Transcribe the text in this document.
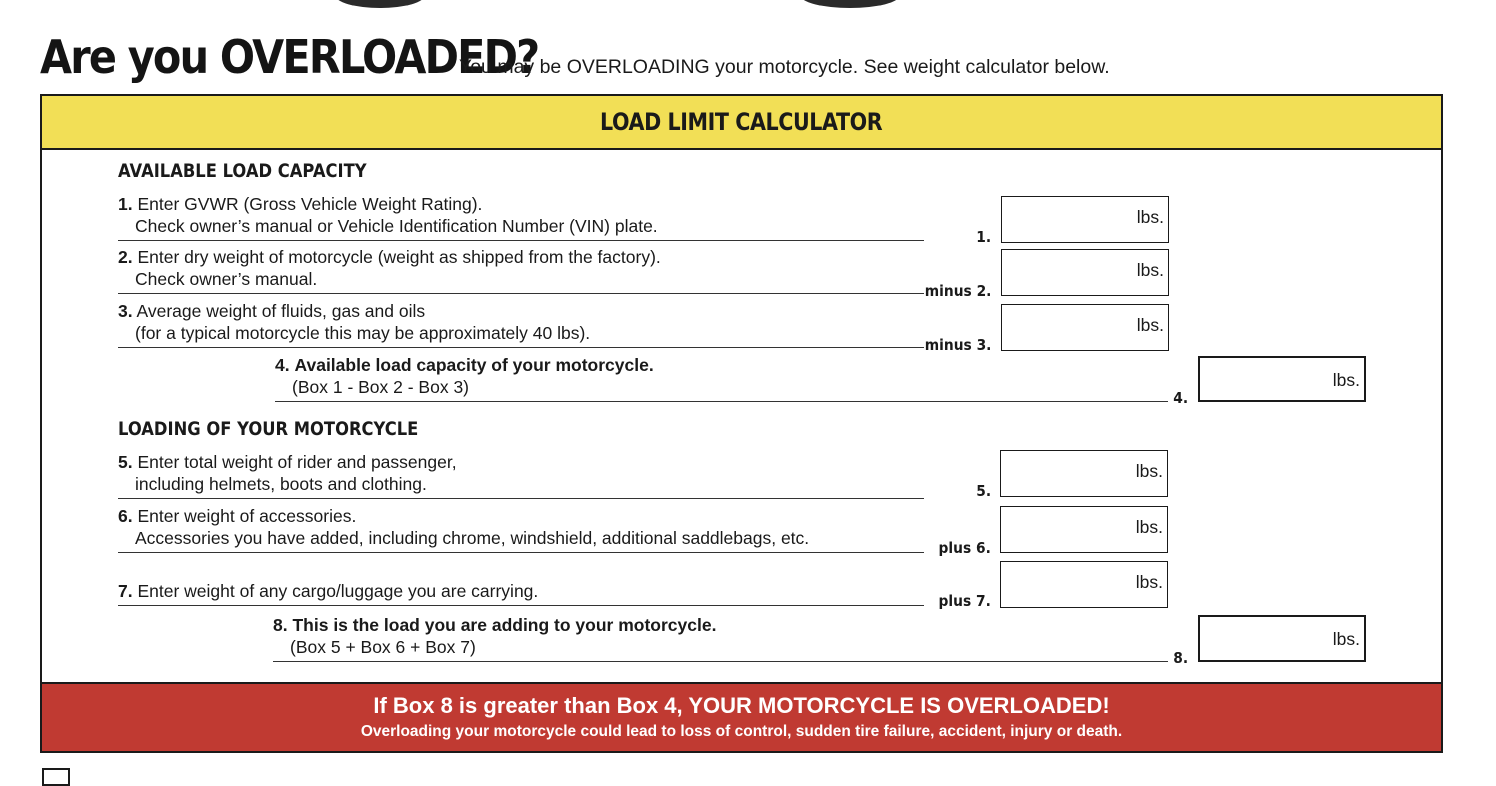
Are you OVERLOADED?
You may be OVERLOADING your motorcycle. See weight calculator below.
LOAD LIMIT CALCULATOR
AVAILABLE LOAD CAPACITY
1. Enter GVWR (Gross Vehicle Weight Rating).
Check owner’s manual or Vehicle Identification Number (VIN) plate.
1.
lbs.
2. Enter dry weight of motorcycle (weight as shipped from the factory).
Check owner’s manual.
minus 2.
lbs.
3. Average weight of fluids, gas and oils
(for a typical motorcycle this may be approximately 40 lbs).
minus 3.
lbs.
4. Available load capacity of your motorcycle.
(Box 1 - Box 2 - Box 3)
4.
lbs.
LOADING OF YOUR MOTORCYCLE
5. Enter total weight of rider and passenger,
including helmets, boots and clothing.	5.
lbs.
6. Enter weight of accessories.
Accessories you have added, including chrome, windshield, additional saddlebags, etc.	plus 6.
lbs.
7. Enter weight of any cargo/luggage you are carrying.	plus 7.
lbs.
8. This is the load you are adding to your motorcycle.
(Box 5 + Box 6 + Box 7)
8.
lbs.
If Box 8 is greater than Box 4, YOUR MOTORCYCLE IS OVERLOADED!
Overloading your motorcycle could lead to loss of control, sudden tire failure, accident, injury or death.
